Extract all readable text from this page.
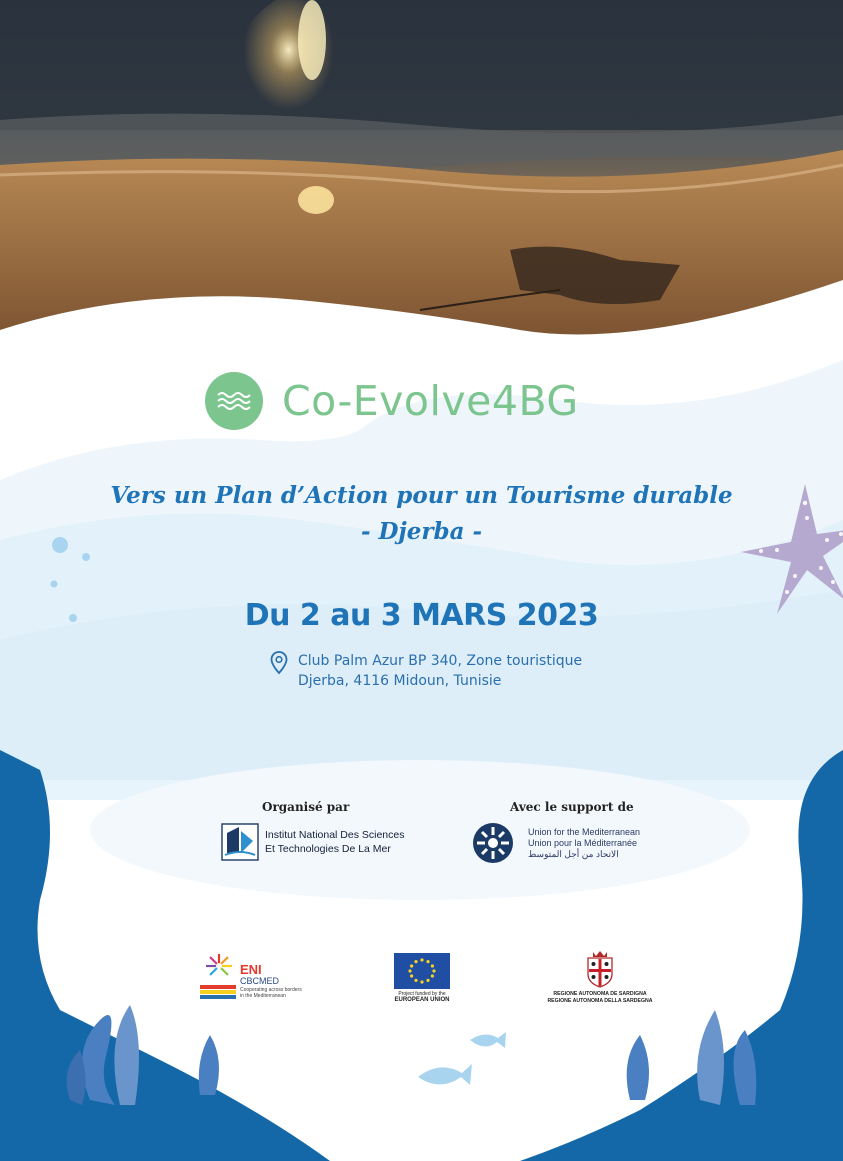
Co-Evolve4BG
Vers un Plan d’Action pour un Tourisme durable
- Djerba -
Du 2 au 3 MARS 2023
Club Palm Azur BP 340, Zone touristique
Djerba, 4116 Midoun, Tunisie
Organisé par
Institut National Des Sciences
Et Technologies De La Mer
Avec le support de
Union for the Mediterranean
Union pour la Méditerranée
الاتحاد من أجل المتوسط
ENI
CBCMED
Cooperating across borders
in the Mediterranean	Project funded by the
EUROPEAN UNION
REGIONE AUTONOMA DE SARDIGNA
REGIONE AUTONOMA DELLA SARDEGNA
